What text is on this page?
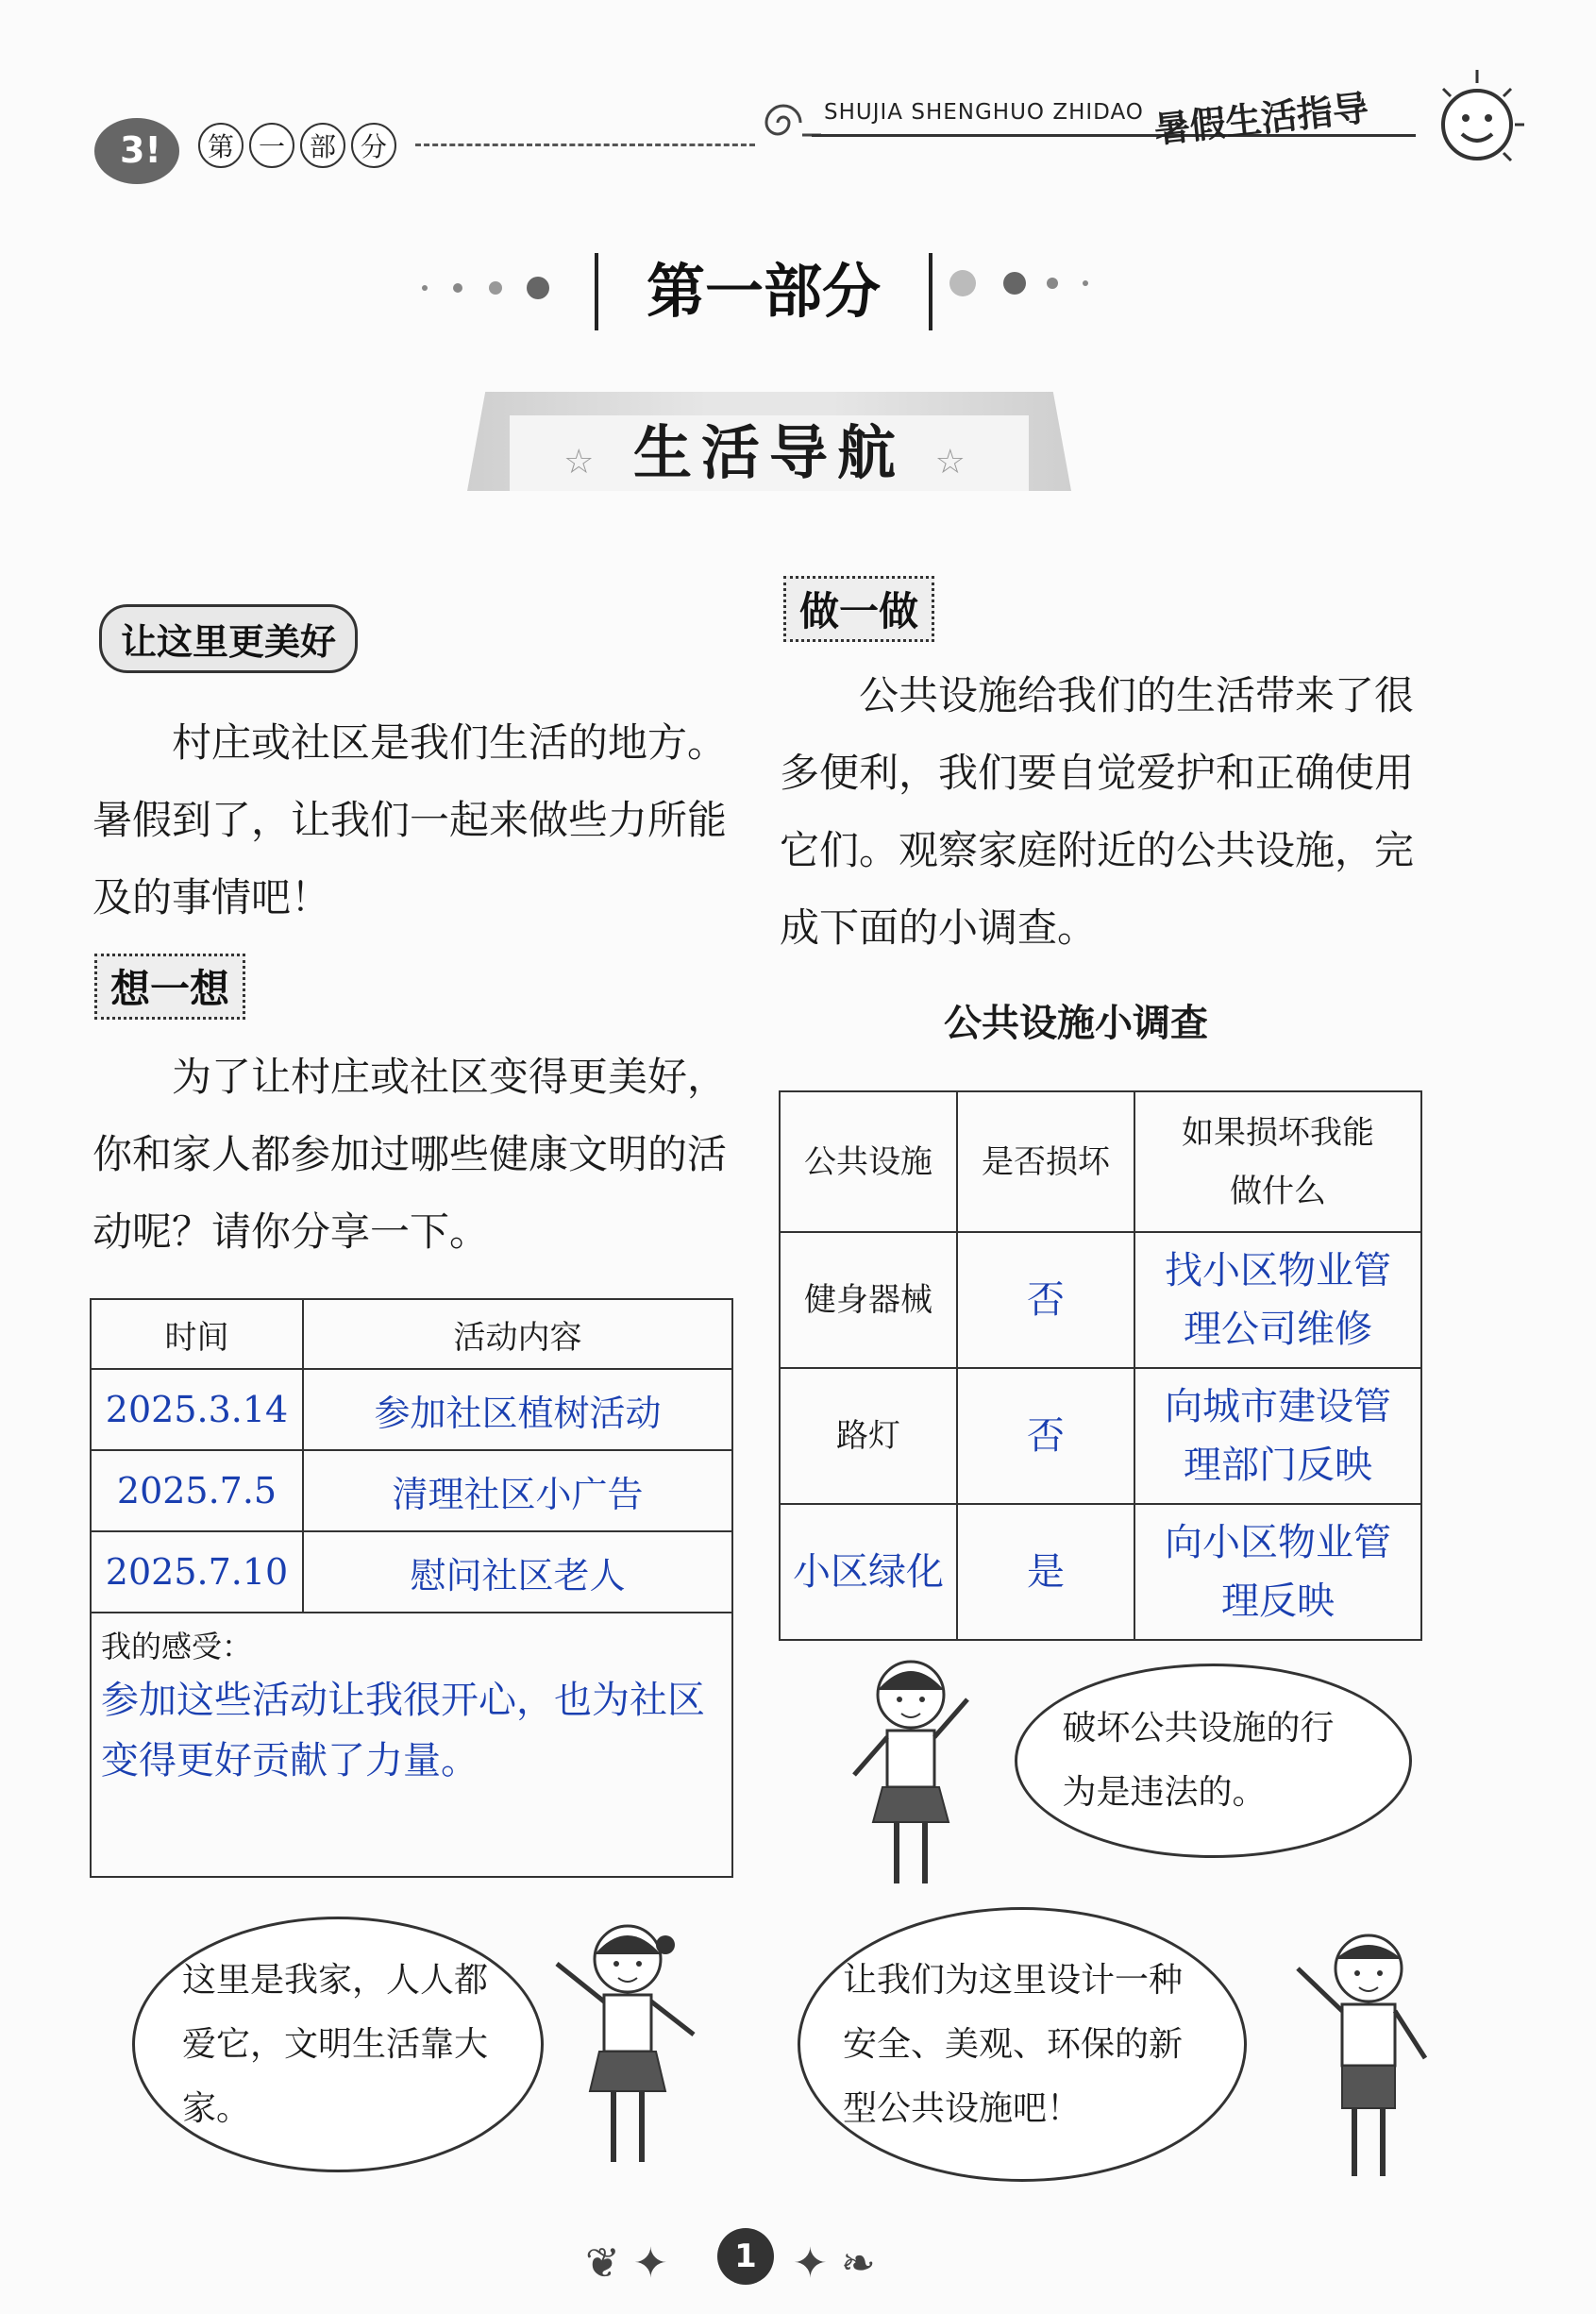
3!	第 一 部 分
SHUJIA SHENGHUO ZHIDAO 暑假生活指导
第一部分
☆ 生活导航 ☆
让这里更美好
村庄或社区是我们生活的地方。暑假到了，让我们一起来做些力所能及的事情吧！
想一想
为了让村庄或社区变得更美好，你和家人都参加过哪些健康文明的活动呢？请你分享一下。
时间	活动内容
2025.3.14	参加社区植树活动
2025.7.5	清理社区小广告
2025.7.10	慰问社区老人

我的感受：
参加这些活动让我很开心，也为社区变得更好贡献了力量。	
做一做
公共设施给我们的生活带来了很多便利，我们要自觉爱护和正确使用它们。观察家庭附近的公共设施，完成下面的小调查。
公共设施小调查
公共设施	是否损坏	如果损坏我能做什么
健身器械	否	找小区物业管理公司维修
路灯	否	向城市建设管理部门反映
小区绿化	是	向小区物业管理反映
破坏公共设施的行为是违法的。
这里是我家，人人都爱它，文明生活靠大家。
让我们为这里设计一种安全、美观、环保的新型公共设施吧！
❦ ✦	1 ✦ ❧
